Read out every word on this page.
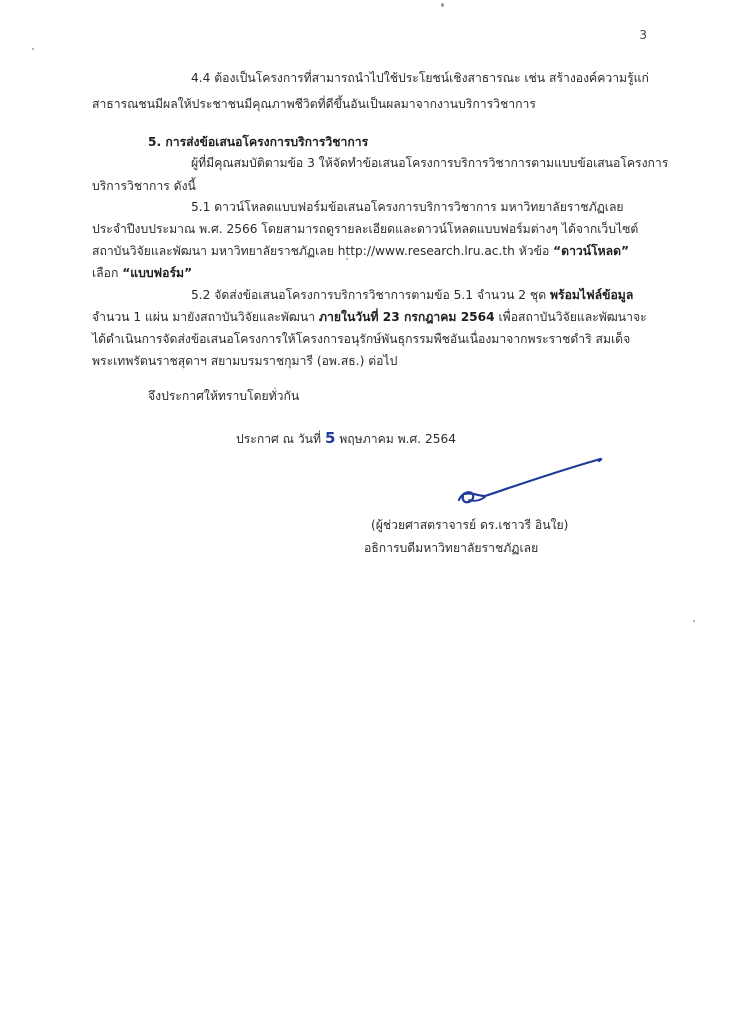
3
4.4 ต้องเป็นโครงการที่สามารถนำไปใช้ประโยชน์เชิงสาธารณะ เช่น สร้างองค์ความรู้แก่
สาธารณชนมีผลให้ประชาชนมีคุณภาพชีวิตที่ดีขึ้นอันเป็นผลมาจากงานบริการวิชาการ
5. การส่งข้อเสนอโครงการบริการวิชาการ
ผู้ที่มีคุณสมบัติตามข้อ 3 ให้จัดทำข้อเสนอโครงการบริการวิชาการตามแบบข้อเสนอโครงการ
บริการวิชาการ ดังนี้
5.1 ดาวน์โหลดแบบฟอร์มข้อเสนอโครงการบริการวิชาการ มหาวิทยาลัยราชภัฏเลย
ประจำปีงบประมาณ พ.ศ. 2566 โดยสามารถดูรายละเอียดและดาวน์โหลดแบบฟอร์มต่างๆ ได้จากเว็บไซต์
สถาบันวิจัยและพัฒนา มหาวิทยาลัยราชภัฏเลย http://www.research.lru.ac.th หัวข้อ “ดาวน์โหลด”
เลือก “แบบฟอร์ม”
5.2 จัดส่งข้อเสนอโครงการบริการวิชาการตามข้อ 5.1 จำนวน 2 ชุด พร้อมไฟล์ข้อมูล
จำนวน 1 แผ่น มายังสถาบันวิจัยและพัฒนา ภายในวันที่ 23 กรกฎาคม 2564 เพื่อสถาบันวิจัยและพัฒนาจะ
ได้ดำเนินการจัดส่งข้อเสนอโครงการให้โครงการอนุรักษ์พันธุกรรมพืชอันเนื่องมาจากพระราชดำริ สมเด็จ
พระเทพรัตนราชสุดาฯ สยามบรมราชกุมารี (อพ.สธ.) ต่อไป
จึงประกาศให้ทราบโดยทั่วกัน
ประกาศ ณ วันที่ 5 พฤษภาคม พ.ศ. 2564
(ผู้ช่วยศาสตราจารย์ ดร.เชาวรี อินใย)
อธิการบดีมหาวิทยาลัยราชภัฏเลย
